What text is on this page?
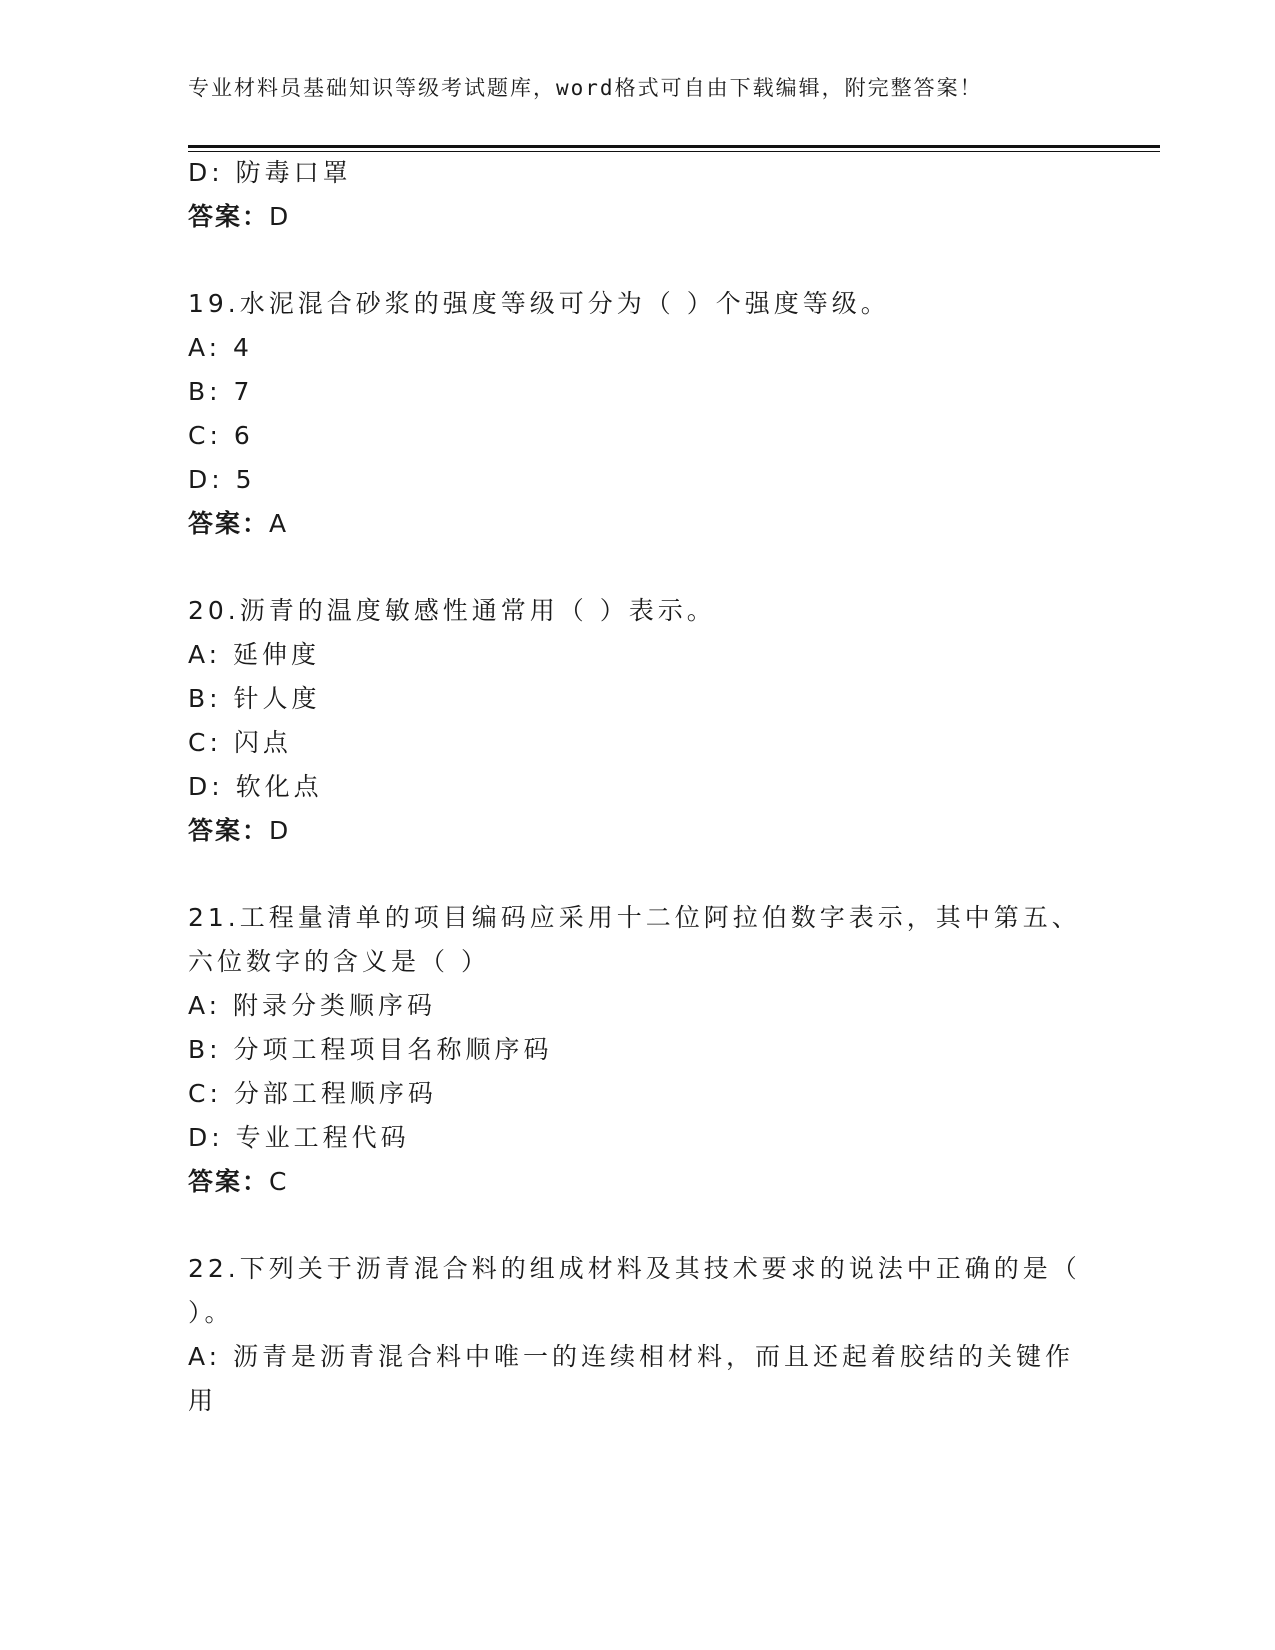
专业材料员基础知识等级考试题库，word格式可自由下载编辑，附完整答案！
D: 防毒口罩
答案：D
19.水泥混合砂浆的强度等级可分为（ ）个强度等级。
A: 4
B: 7
C: 6
D: 5
答案：A
20.沥青的温度敏感性通常用（ ）表示。
A: 延伸度
B: 针人度
C: 闪点
D: 软化点
答案：D
21.工程量清单的项目编码应采用十二位阿拉伯数字表示，其中第五、
六位数字的含义是（ ）
A: 附录分类顺序码
B: 分项工程项目名称顺序码
C: 分部工程顺序码
D: 专业工程代码
答案：C
22.下列关于沥青混合料的组成材料及其技术要求的说法中正确的是（
）。
A: 沥青是沥青混合料中唯一的连续相材料，而且还起着胶结的关键作
用
